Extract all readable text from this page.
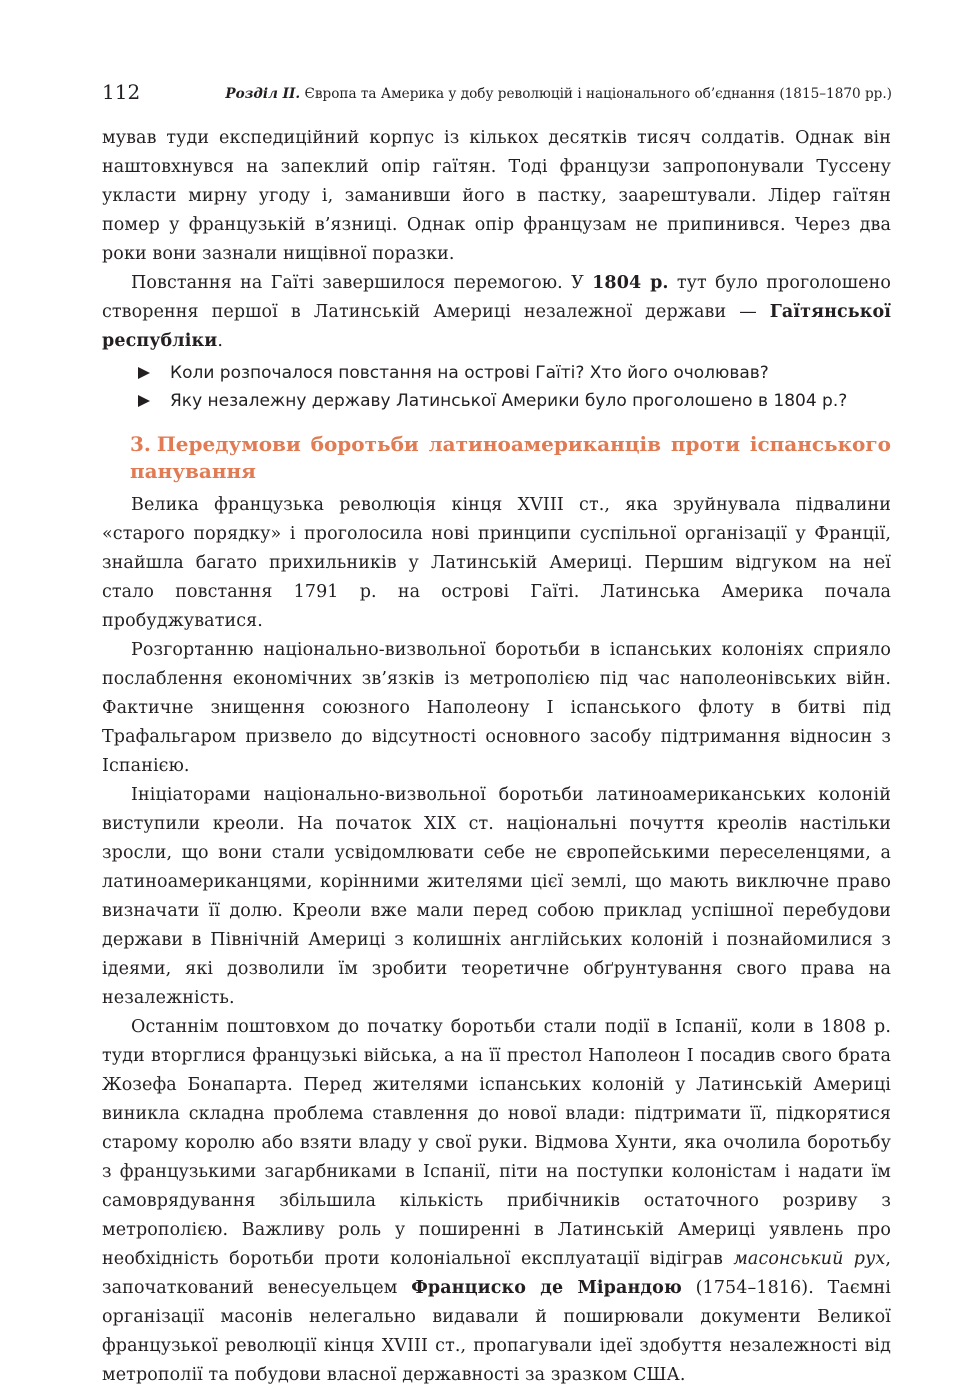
112	Розділ ІІ. Європа та Америка у добу революцій і національного об’єднання (1815–1870 рр.)

мував туди експедиційний корпус із кількох десятків тисяч солдатів. Однак він наштовхнувся на запеклий опір гаїтян. Тоді французи запропонували Туссену укласти мирну угоду і, заманивши його в пастку, заарештували. Лідер гаїтян помер у французькій в’язниці. Однак опір французам не припинився. Через два роки вони зазнали нищівної поразки.

Повстання на Гаїті завершилося перемогою. У 1804 р. тут було проголошено створення першої в Латинській Америці незалежної держави — Гаїтянської республіки.

Коли розпочалося повстання на острові Гаїті? Хто його очолював?
Яку незалежну державу Латинської Америки було проголошено в 1804 р.?
3. Передумови боротьби латиноамериканців проти іспанського панування

Велика французька революція кінця XVIII ст., яка зруйнувала підвалини «старого порядку» і проголосила нові принципи суспільної організації у Франції, знайшла багато прихильників у Латинській Америці. Першим відгуком на неї стало повстання 1791 р. на острові Гаїті. Латинська Америка почала пробуджуватися.

Розгортанню національно-визвольної боротьби в іспанських колоніях сприяло послаблення економічних зв’язків із метрополією під час наполеонівських війн. Фактичне знищення союзного Наполеону І іспанського флоту в битві під Трафальгаром призвело до відсутності основного засобу підтримання відносин з Іспанією.

Ініціаторами національно-визвольної боротьби латиноамериканських колоній виступили креоли. На початок XIX ст. національні почуття креолів настільки зросли, що вони стали усвідомлювати себе не європейськими переселенцями, а латиноамериканцями, корінними жителями цієї землі, що мають виключне право визначати її долю. Креоли вже мали перед собою приклад успішної перебудови держави в Північній Америці з колишніх англійських колоній і познайомилися з ідеями, які дозволили їм зробити теоретичне обґрунтування свого права на незалежність.

Останнім поштовхом до початку боротьби стали події в Іспанії, коли в 1808 р. туди вторглися французькі війська, а на її престол Наполеон І посадив свого брата Жозефа Бонапарта. Перед жителями іспанських колоній у Латинській Америці виникла складна проблема ставлення до нової влади: підтримати її, підкорятися старому королю або взяти владу у свої руки. Відмова Хунти, яка очолила боротьбу з французькими загарбниками в Іспанії, піти на поступки колоністам і надати їм самоврядування збільшила кількість прибічників остаточного розриву з метрополією. Важливу роль у поширенні в Латинській Америці уявлень про необхідність боротьби проти колоніальної експлуатації відіграв масонський рух, започаткований венесуельцем Франциско де Мірандою (1754–1816). Таємні організації масонів нелегально видавали й поширювали документи Великої французької революції кінця XVIII ст., пропагували ідеї здобуття незалежності від метрополії та побудови власної державності за зразком США.
